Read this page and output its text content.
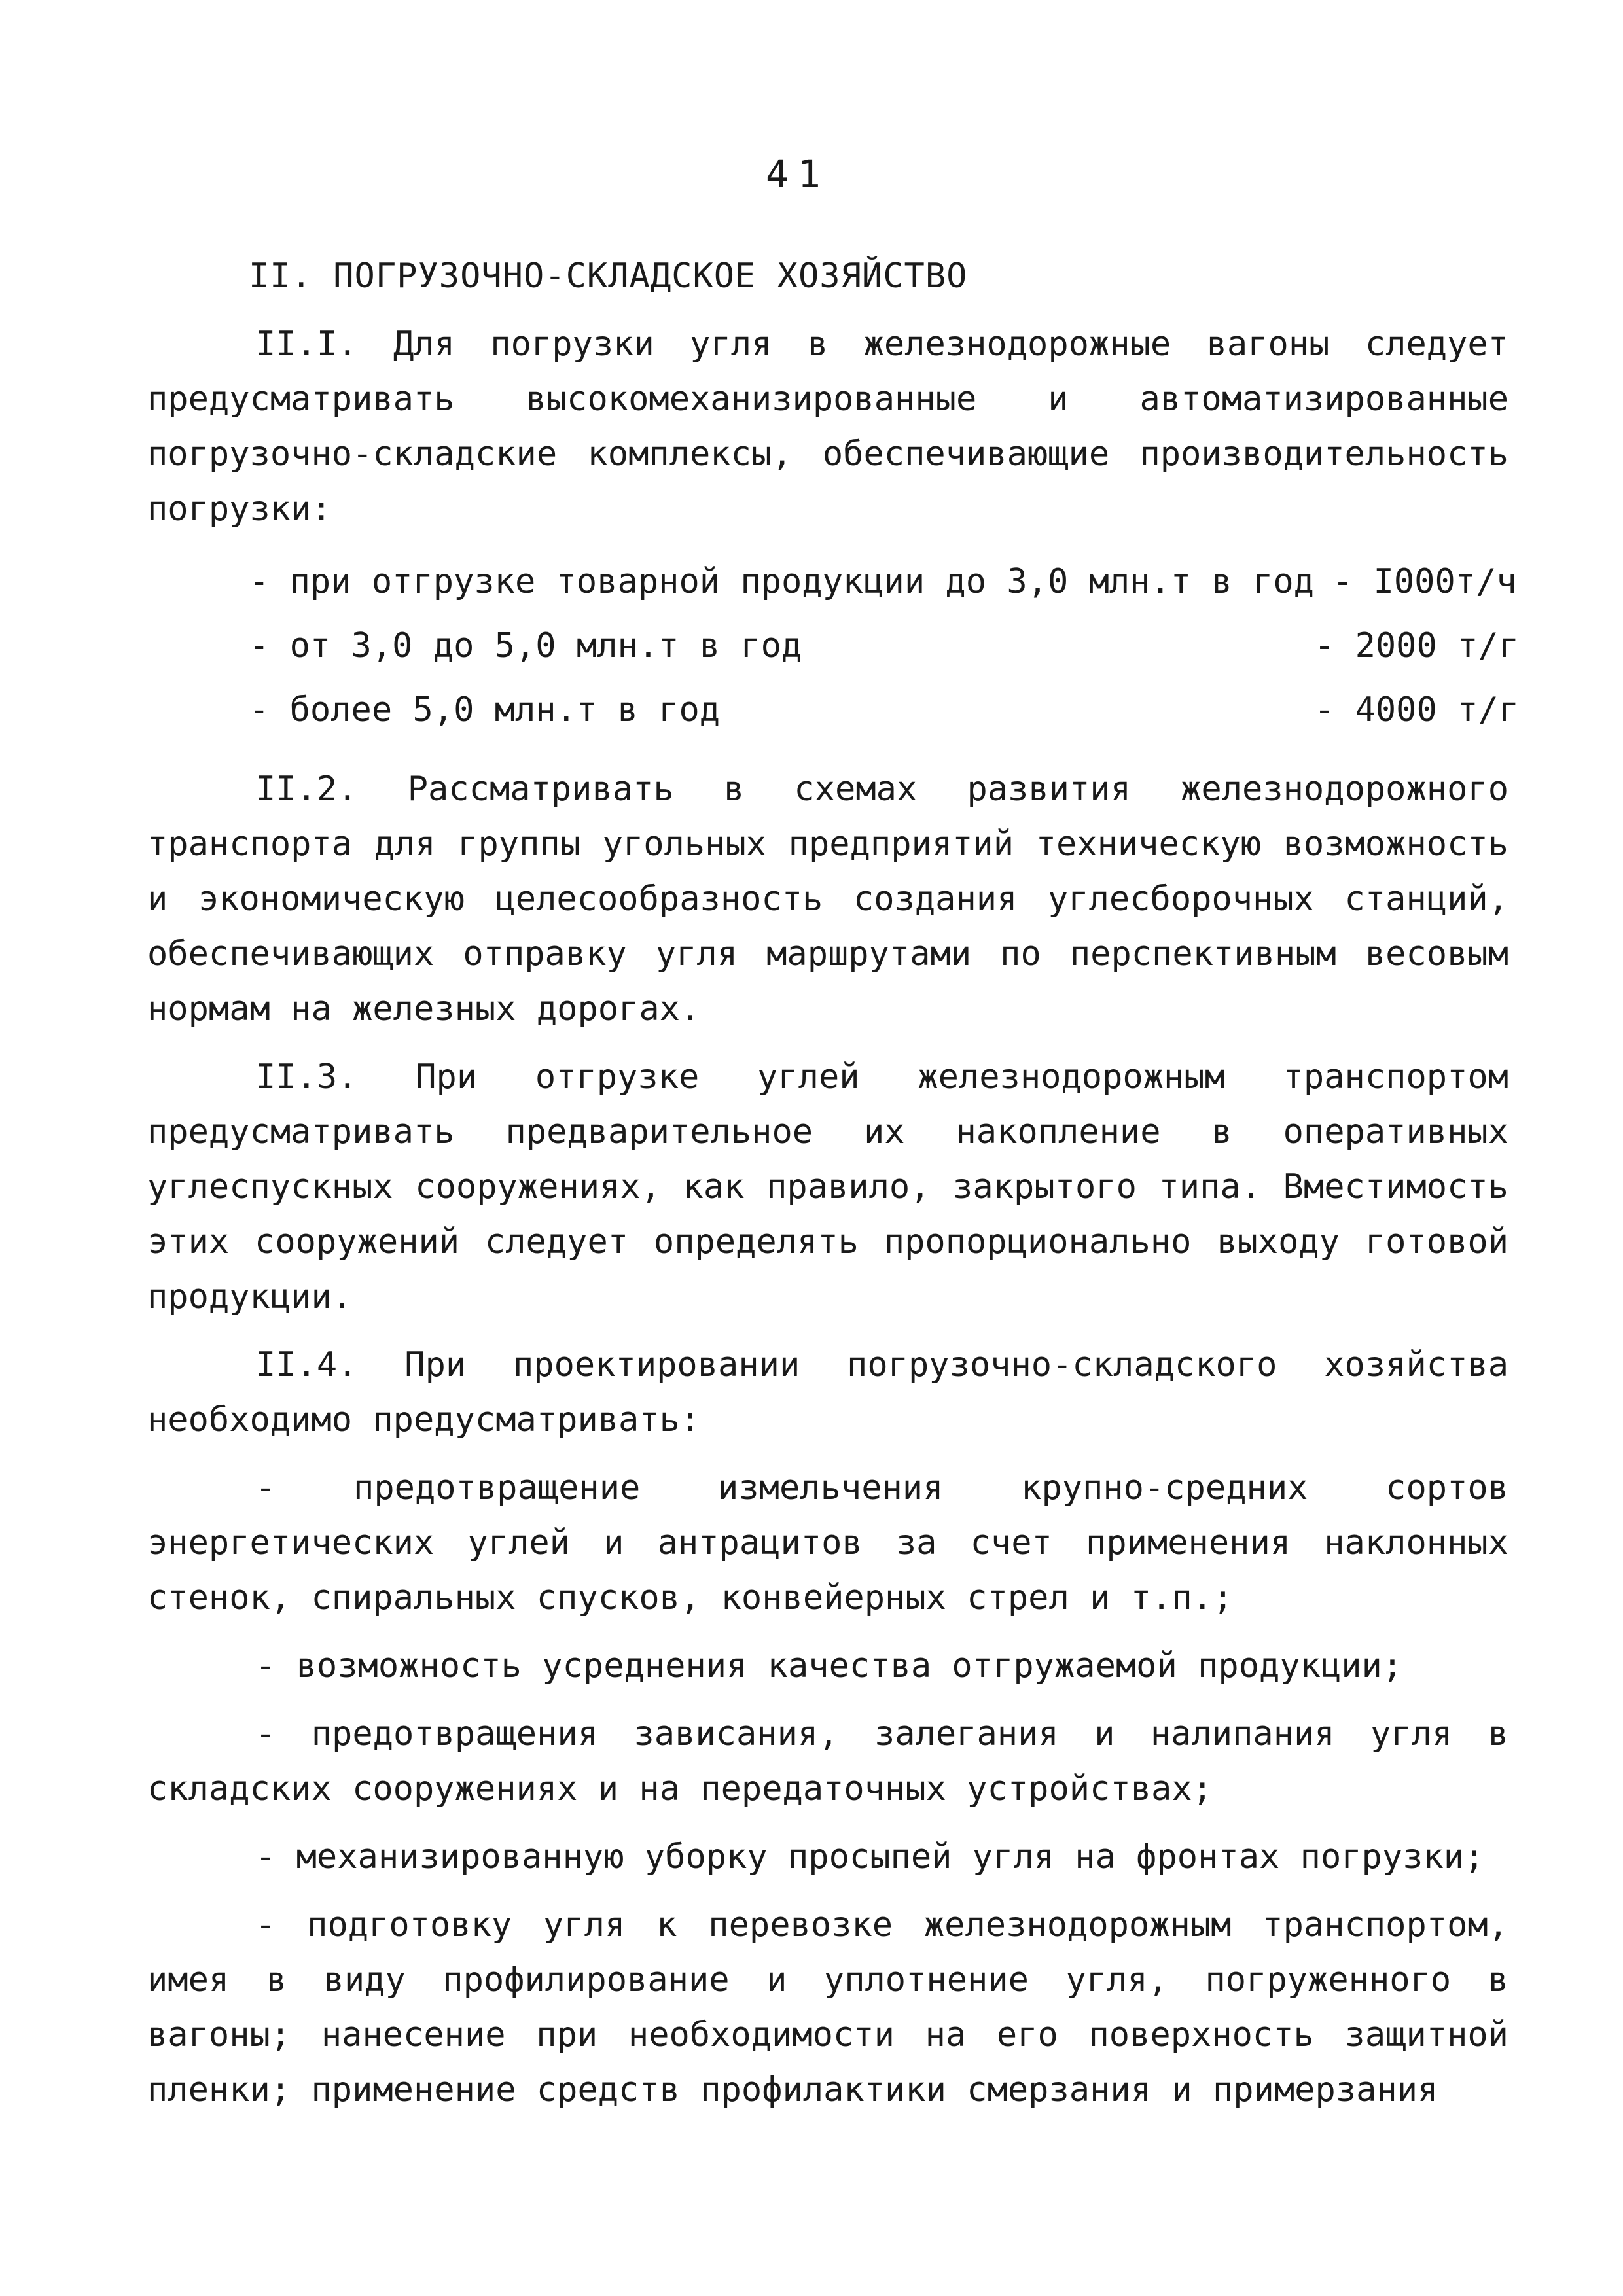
41
II. ПОГРУЗОЧНО-СКЛАДСКОЕ ХОЗЯЙСТВО

II.I. Для погрузки угля в железнодорожные вагоны следует предусматривать высокомеханизированные и автоматизированные погрузочно-складские комплексы, обеспечивающие производительность погрузки:

- при отгрузке товарной продукции до 3,0 млн.т в год	- I000т/ч
- от 3,0 до 5,0 млн.т в год	- 2000 т/г
- более 5,0 млн.т в год	- 4000 т/г

II.2. Рассматривать в схемах развития железнодорожного транспорта для группы угольных предприятий техническую возможность и экономическую целесообразность создания углесборочных станций, обеспечивающих отправку угля маршрутами по перспективным весовым нормам на железных дорогах.

II.3. При отгрузке углей железнодорожным транспортом предусматривать предварительное их накопление в оперативных углеспускных сооружениях, как правило, закрытого типа. Вместимость этих сооружений следует определять пропорционально выходу готовой продукции.

II.4. При проектировании погрузочно-складского хозяйства необходимо предусматривать:

- предотвращение измельчения крупно-средних сортов энергетических углей и антрацитов за счет применения наклонных стенок, спиральных спусков, конвейерных стрел и т.п.;

- возможность усреднения качества отгружаемой продукции;

- предотвращения зависания, залегания и налипания угля в складских сооружениях и на передаточных устройствах;

- механизированную уборку просыпей угля на фронтах погрузки;

- подготовку угля к перевозке железнодорожным транспортом, имея в виду профилирование и уплотнение угля, погруженного в вагоны; нанесение при необходимости на его поверхность защитной пленки; применение средств профилактики смерзания и примерзания
